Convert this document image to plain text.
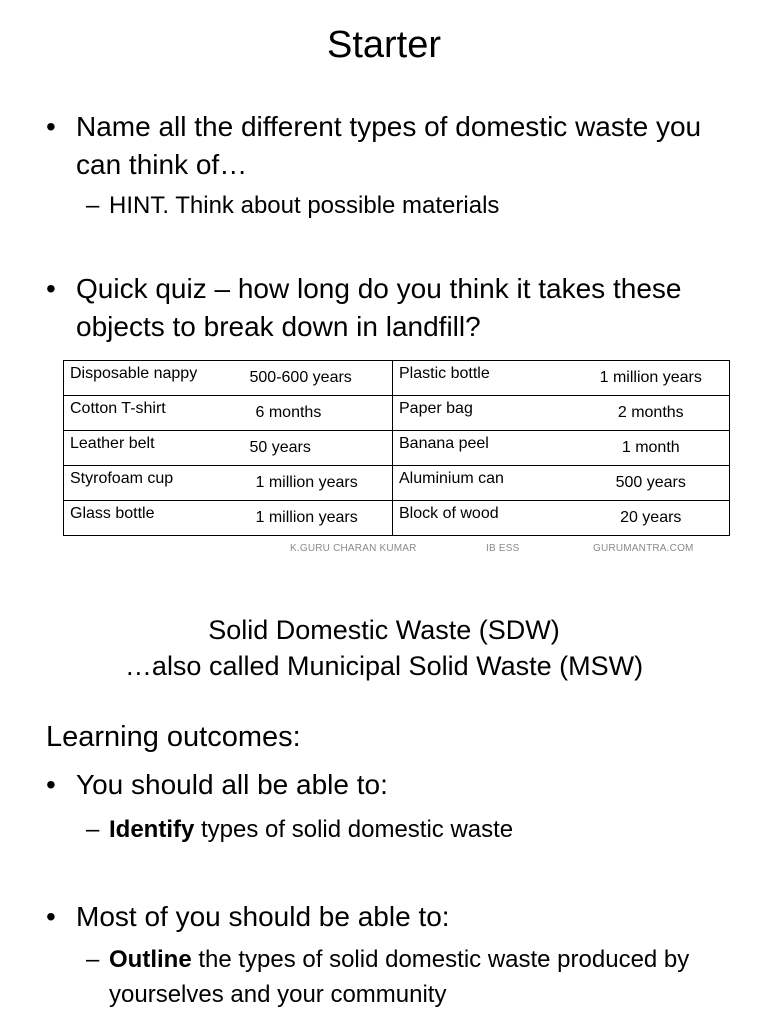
Starter
• Name all the different types of domestic waste you can think of…
– HINT. Think about possible materials
• Quick quiz – how long do you think it takes these objects to break down in landfill?
Disposable nappy	500-600 years	Plastic bottle	1 million years
Cotton T-shirt	6 months	Paper bag	2 months
Leather belt	50 years	Banana peel	1 month
Styrofoam cup	1 million years	Aluminium can	500 years
Glass bottle	1 million years	Block of wood	20 years
K.GURU CHARAN KUMAR	IB ESS	GURUMANTRA.COM
Solid Domestic Waste (SDW)
…also called Municipal Solid Waste (MSW)
Learning outcomes:
• You should all be able to:
– Identify types of solid domestic waste
• Most of you should be able to:
– Outline the types of solid domestic waste produced by yourselves and your community
